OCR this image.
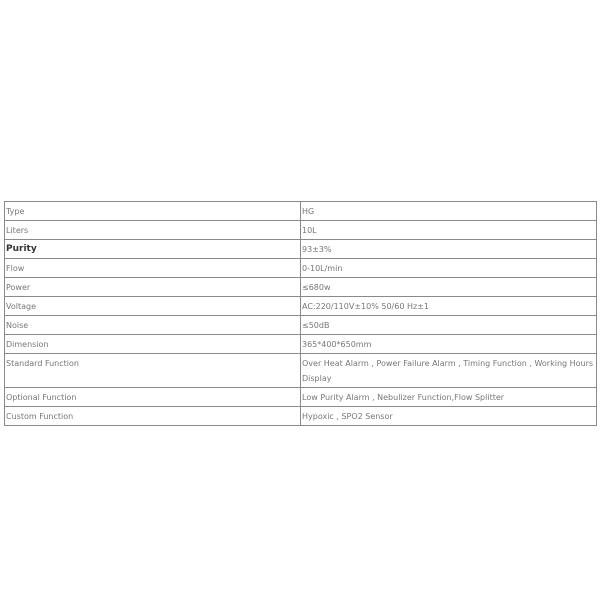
Type	HG
Liters	10L
Purity	93±3%
Flow	0-10L/min
Power	≤680w
Voltage	AC:220/110V±10% 50/60 Hz±1
Noise	≤50dB
Dimension	365*400*650mm
Standard Function	Over Heat Alarm , Power Failure Alarm , Timing Function , Working Hours Display
Optional Function	Low Purity Alarm , Nebulizer Function,Flow Splitter
Custom Function	Hypoxic , SPO2 Sensor
